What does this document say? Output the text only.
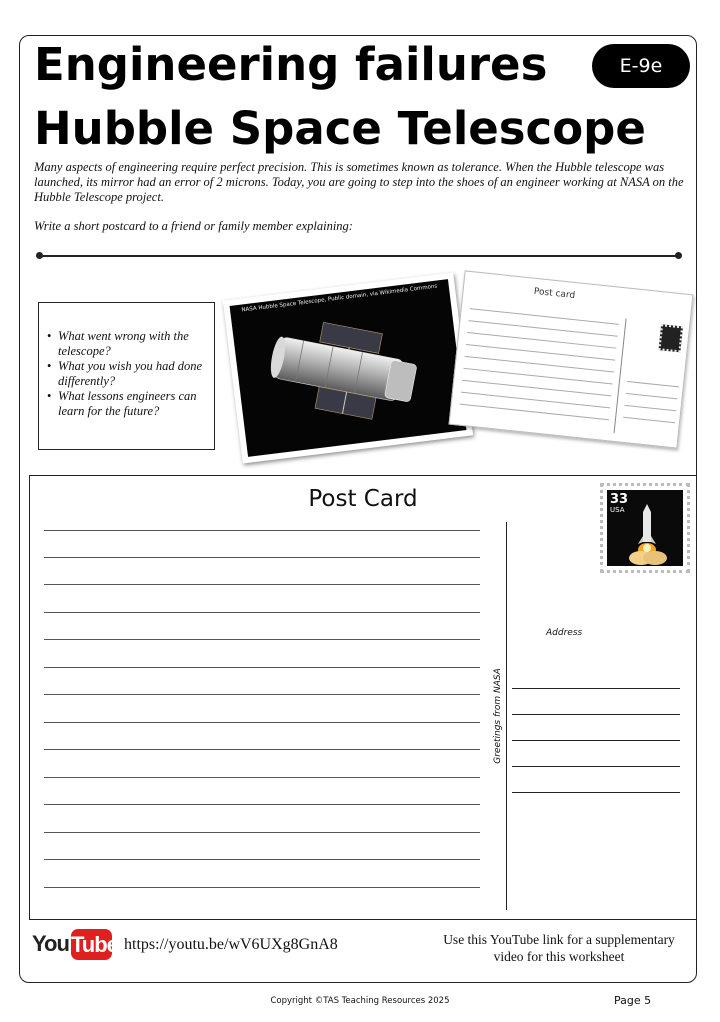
Engineering failures
Hubble Space Telescope
E-9e

Many aspects of engineering require perfect precision. This is sometimes known as tolerance. When the Hubble telescope was launched, its mirror had an error of 2 microns. Today, you are going to step into the shoes of an engineer working at NASA on the Hubble Telescope project.

Write a short postcard to a friend or family member explaining:

• What went wrong with the telescope?
• What you wish you had done differently?
• What lessons engineers can learn for the future?
NASA Hubble Space Telescope, Public domain, via Wikimedia Commons	Post card
Post Card
Greetings from NASA
33
USA
Address
You Tube https://youtu.be/wV6UXg8GnA8	Use this YouTube link for a supplementary video for this worksheet
Copyright ©TAS Teaching Resources 2025	Page 5
